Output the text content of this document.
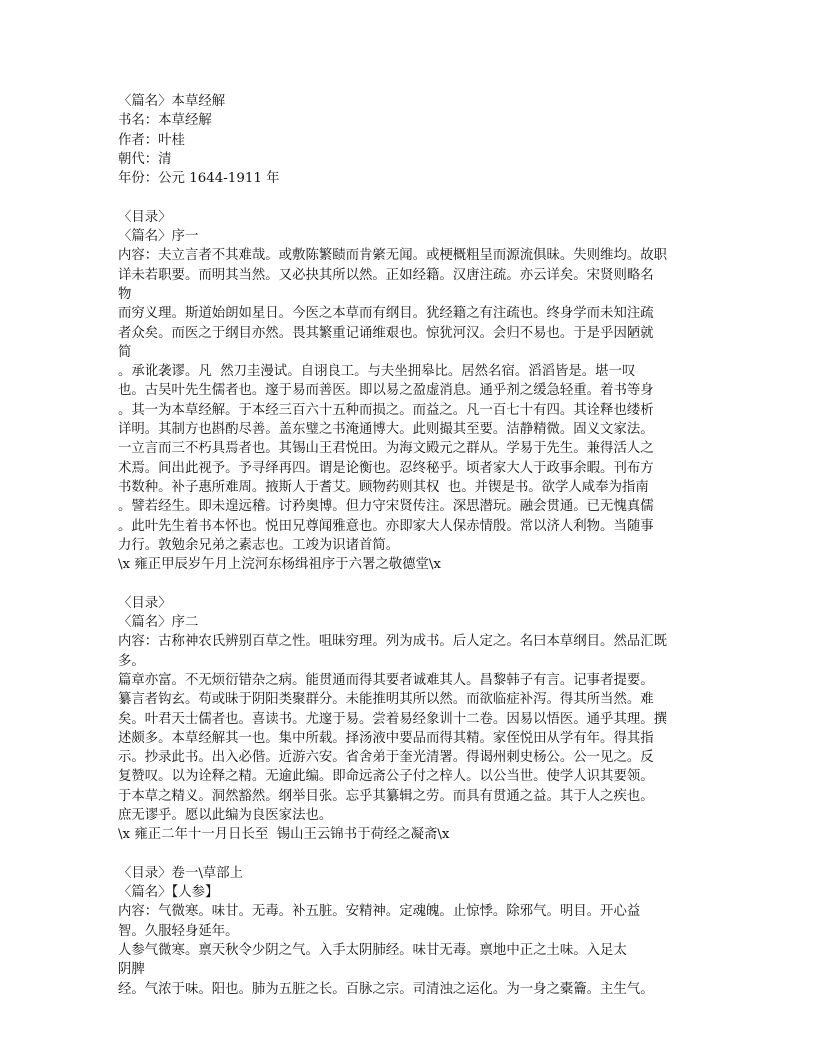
〈篇名〉本草经解
书名：本草经解
作者：叶桂
朝代：清
年份：公元 1644-1911 年
〈目录〉
〈篇名〉序一
内容：夫立言者不其难哉。或敷陈繁赜而肯綮无闻。或梗概粗呈而源流俱昧。失则维均。故职
详未若职要。而明其当然。又必抉其所以然。正如经籍。汉唐注疏。亦云详矣。宋贤则略名
物
而穷义理。斯道始朗如星日。今医之本草而有纲目。犹经籍之有注疏也。终身学而未知注疏
者众矣。而医之于纲目亦然。畏其繁重记诵维艰也。惊犹河汉。会归不易也。于是乎因陋就
简
。承讹袭谬。凡  然刀圭漫试。自诩良工。与夫坐拥皋比。居然名宿。滔滔皆是。堪一叹
也。古吴叶先生儒者也。邃于易而善医。即以易之盈虚消息。通乎剂之缓急轻重。着书等身
。其一为本草经解。于本经三百六十五种而损之。而益之。凡一百七十有四。其诠释也缕析
详明。其制方也斟酌尽善。盖东璧之书淹通博大。此则撮其至要。洁静精微。固义文家法。
一立言而三不朽具焉者也。其锡山王君悦田。为海文殿元之群从。学易于先生。兼得活人之
术焉。间出此视予。予寻绎再四。谓是论衡也。忍终秘乎。顷者家大人于政事余暇。刊布方
书数种。补子惠所难周。掖斯人于耆艾。顾物药则其权  也。并锲是书。欲学人咸奉为指南
。譬若经生。即未遑远稽。讨矜奥博。但力守宋贤传注。深思潜玩。融会贯通。已无愧真儒
。此叶先生着书本怀也。悦田兄尊闻雅意也。亦即家大人保赤情殷。常以济人利物。当随事
力行。敦勉余兄弟之素志也。工竣为识诸首简。
\x 雍正甲辰岁午月上浣河东杨缉祖序于六署之敬德堂\x
〈目录〉
〈篇名〉序二
内容：古称神农氏辨别百草之性。咀昧穷理。列为成书。后人定之。名曰本草纲目。然品汇既
多。
篇章亦富。不无烦衍错杂之病。能贯通而得其要者诚难其人。昌黎韩子有言。记事者提要。
纂言者钩玄。苟或昧于阴阳类聚群分。未能推明其所以然。而欲临症补泻。得其所当然。难
矣。叶君天士儒者也。喜读书。尤邃于易。尝着易经象训十二卷。因易以悟医。通乎其理。撰
述颇多。本草经解其一也。集中所载。择汤液中要品而得其精。家侄悦田从学有年。得其指
示。抄录此书。出入必偕。近游六安。省舍弟于奎光清署。得谒州刺史杨公。公一见之。反
复赞叹。以为诠释之精。无逾此编。即命远斋公子付之梓人。以公当世。使学人识其要领。
于本草之精义。洞然豁然。纲举目张。忘乎其纂辑之劳。而具有贯通之益。其于人之疾也。
庶无谬乎。愿以此编为良医家法也。
\x 雍正二年十一月日长至  锡山王云锦书于荷经之凝斋\x
〈目录〉卷一\草部上
〈篇名〉【人参】
内容：气微寒。味甘。无毒。补五脏。安精神。定魂魄。止惊悸。除邪气。明目。开心益
智。久服轻身延年。
人参气微寒。禀天秋令少阴之气。入手太阴肺经。味甘无毒。禀地中正之土味。入足太
阴脾
经。气浓于味。阳也。肺为五脏之长。百脉之宗。司清浊之运化。为一身之橐籥。主生气。
